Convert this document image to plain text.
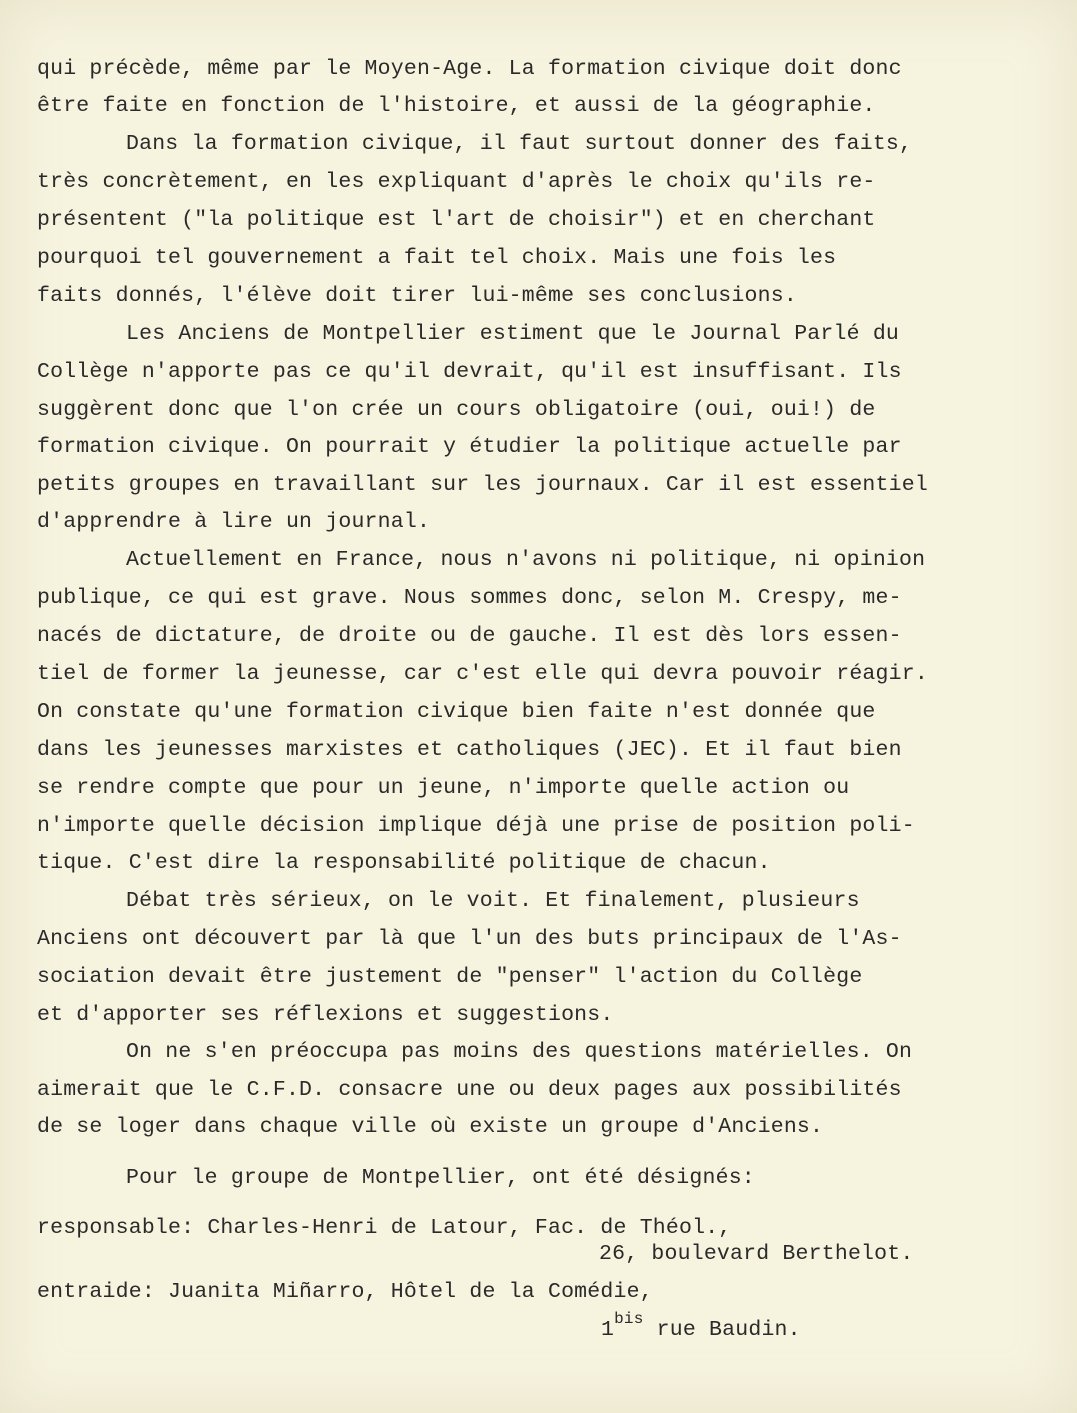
qui précède, même par le Moyen-Age. La formation civique doit donc
être faite en fonction de l'histoire, et aussi de la géographie.
Dans la formation civique, il faut surtout donner des faits,
très concrètement, en les expliquant d'après le choix qu'ils re-
présentent ("la politique est l'art de choisir") et en cherchant
pourquoi tel gouvernement a fait tel choix. Mais une fois les
faits donnés, l'élève doit tirer lui-même ses conclusions.
Les Anciens de Montpellier estiment que le Journal Parlé du
Collège n'apporte pas ce qu'il devrait, qu'il est insuffisant. Ils
suggèrent donc que l'on crée un cours obligatoire (oui, oui!) de
formation civique. On pourrait y étudier la politique actuelle par
petits groupes en travaillant sur les journaux. Car il est essentiel
d'apprendre à lire un journal.
Actuellement en France, nous n'avons ni politique, ni opinion
publique, ce qui est grave. Nous sommes donc, selon M. Crespy, me-
nacés de dictature, de droite ou de gauche. Il est dès lors essen-
tiel de former la jeunesse, car c'est elle qui devra pouvoir réagir.
On constate qu'une formation civique bien faite n'est donnée que
dans les jeunesses marxistes et catholiques (JEC). Et il faut bien
se rendre compte que pour un jeune, n'importe quelle action ou
n'importe quelle décision implique déjà une prise de position poli-
tique. C'est dire la responsabilité politique de chacun.
Débat très sérieux, on le voit. Et finalement, plusieurs
Anciens ont découvert par là que l'un des buts principaux de l'As-
sociation devait être justement de "penser" l'action du Collège
et d'apporter ses réflexions et suggestions.
On ne s'en préoccupa pas moins des questions matérielles. On
aimerait que le C.F.D. consacre une ou deux pages aux possibilités
de se loger dans chaque ville où existe un groupe d'Anciens.
Pour le groupe de Montpellier, ont été désignés:
responsable: Charles-Henri de Latour, Fac. de Théol.,
26, boulevard Berthelot.
entraide: Juanita Miñarro, Hôtel de la Comédie,
$1^{bis}$ rue Baudin.
